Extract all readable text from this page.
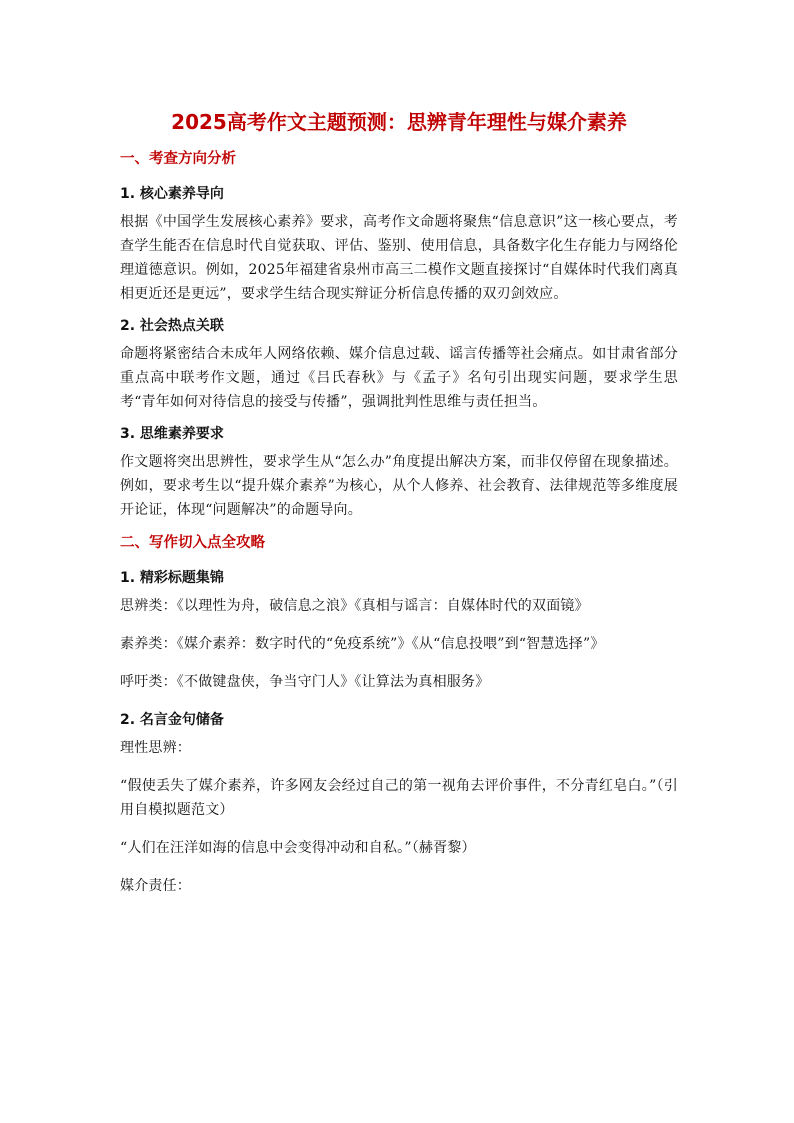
2025高考作文主题预测：思辨青年理性与媒介素养
一、考查方向分析
1. 核心素养导向
根据《中国学生发展核心素养》要求，高考作文命题将聚焦“信息意识”这一核心要点，考查学生能否在信息时代自觉获取、评估、鉴别、使用信息，具备数字化生存能力与网络伦理道德意识。例如，2025年福建省泉州市高三二模作文题直接探讨“自媒体时代我们离真相更近还是更远”，要求学生结合现实辩证分析信息传播的双刃剑效应。
2. 社会热点关联
命题将紧密结合未成年人网络依赖、媒介信息过载、谣言传播等社会痛点。如甘肃省部分重点高中联考作文题，通过《吕氏春秋》与《孟子》名句引出现实问题，要求学生思考“青年如何对待信息的接受与传播”，强调批判性思维与责任担当。
3. 思维素养要求
作文题将突出思辨性，要求学生从“怎么办”角度提出解决方案，而非仅停留在现象描述。例如，要求考生以“提升媒介素养”为核心，从个人修养、社会教育、法律规范等多维度展开论证，体现“问题解决”的命题导向。
二、写作切入点全攻略
1. 精彩标题集锦
思辨类：《以理性为舟，破信息之浪》《真相与谣言：自媒体时代的双面镜》
素养类：《媒介素养：数字时代的“免疫系统”》《从“信息投喂”到“智慧选择”》
呼吁类：《不做键盘侠，争当守门人》《让算法为真相服务》
2. 名言金句储备
理性思辨：
“假使丢失了媒介素养，许多网友会经过自己的第一视角去评价事件，不分青红皂白。”（引用自模拟题范文）
“人们在汪洋如海的信息中会变得冲动和自私。”（赫胥黎）
媒介责任：
